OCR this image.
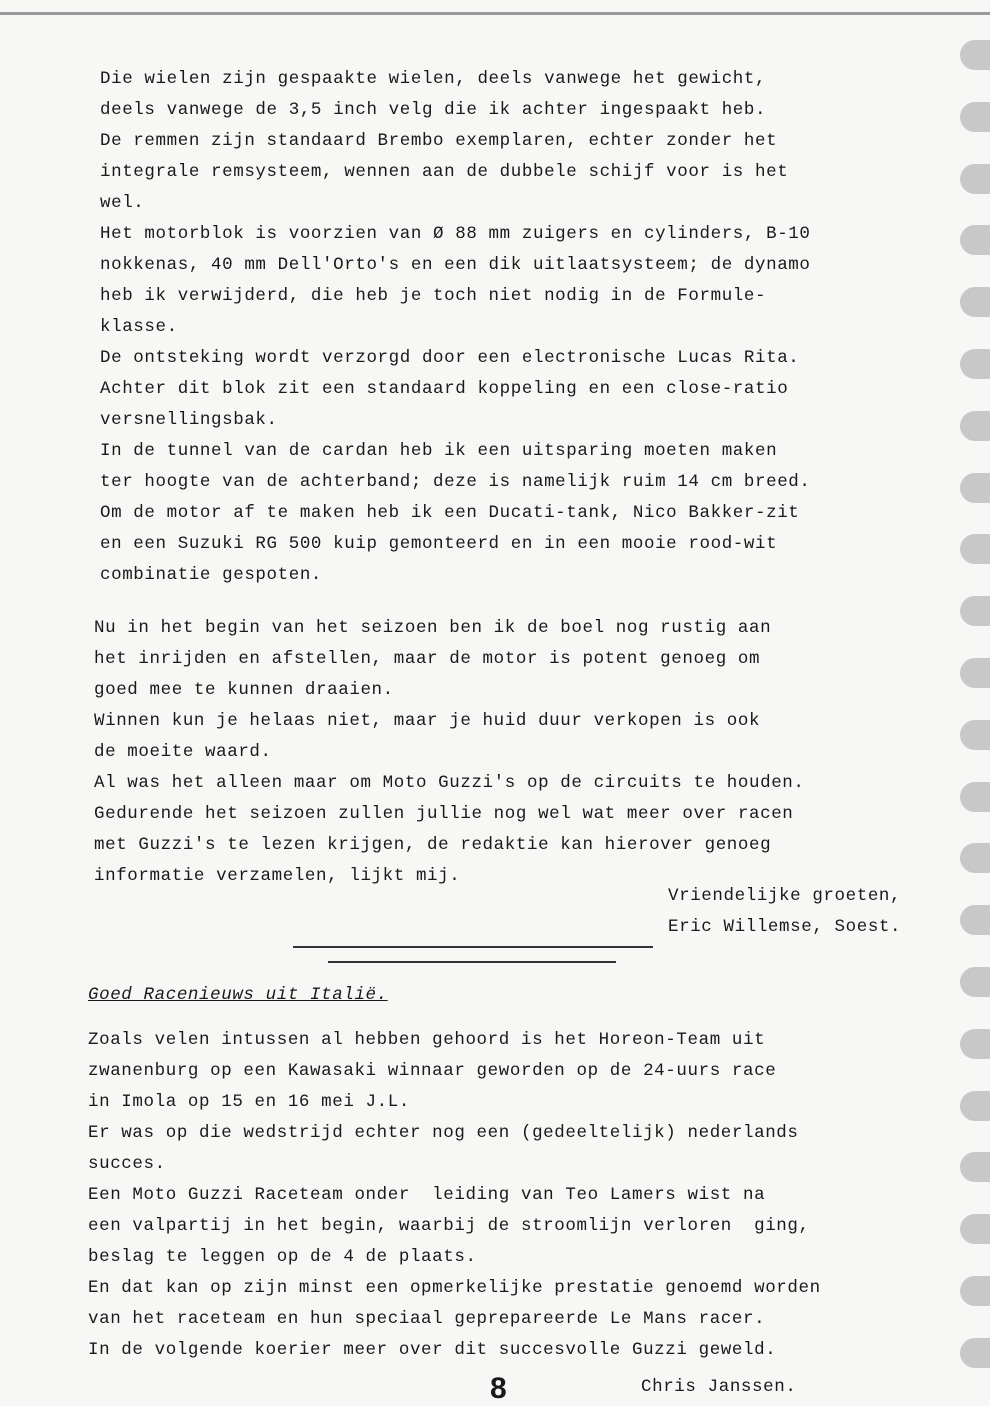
Die wielen zijn gespaakte wielen, deels vanwege het gewicht,
deels vanwege de 3,5 inch velg die ik achter ingespaakt heb.
De remmen zijn standaard Brembo exemplaren, echter zonder het
integrale remsysteem, wennen aan de dubbele schijf voor is het
wel.
Het motorblok is voorzien van Ø 88 mm zuigers en cylinders, B-10
nokkenas, 40 mm Dell'Orto's en een dik uitlaatsysteem; de dynamo
heb ik verwijderd, die heb je toch niet nodig in de Formule-
klasse.
De ontsteking wordt verzorgd door een electronische Lucas Rita.
Achter dit blok zit een standaard koppeling en een close-ratio
versnellingsbak.
In de tunnel van de cardan heb ik een uitsparing moeten maken
ter hoogte van de achterband; deze is namelijk ruim 14 cm breed.
Om de motor af te maken heb ik een Ducati-tank, Nico Bakker-zit
en een Suzuki RG 500 kuip gemonteerd en in een mooie rood-wit
combinatie gespoten.
Nu in het begin van het seizoen ben ik de boel nog rustig aan
het inrijden en afstellen, maar de motor is potent genoeg om
goed mee te kunnen draaien.
Winnen kun je helaas niet, maar je huid duur verkopen is ook
de moeite waard.
Al was het alleen maar om Moto Guzzi's op de circuits te houden.
Gedurende het seizoen zullen jullie nog wel wat meer over racen
met Guzzi's te lezen krijgen, de redaktie kan hierover genoeg
informatie verzamelen, lijkt mij.
Vriendelijke groeten,
Eric Willemse, Soest.
Goed Racenieuws uit Italië.
Zoals velen intussen al hebben gehoord is het Horeon-Team uit
zwanenburg op een Kawasaki winnaar geworden op de 24-uurs race
in Imola op 15 en 16 mei J.L.
Er was op die wedstrijd echter nog een (gedeeltelijk) nederlands
succes.
Een Moto Guzzi Raceteam onder  leiding van Teo Lamers wist na
een valpartij in het begin, waarbij de stroomlijn verloren  ging,
beslag te leggen op de 4 de plaats.
En dat kan op zijn minst een opmerkelijke prestatie genoemd worden
van het raceteam en hun speciaal geprepareerde Le Mans racer.
In de volgende koerier meer over dit succesvolle Guzzi geweld.
8	Chris Janssen.
